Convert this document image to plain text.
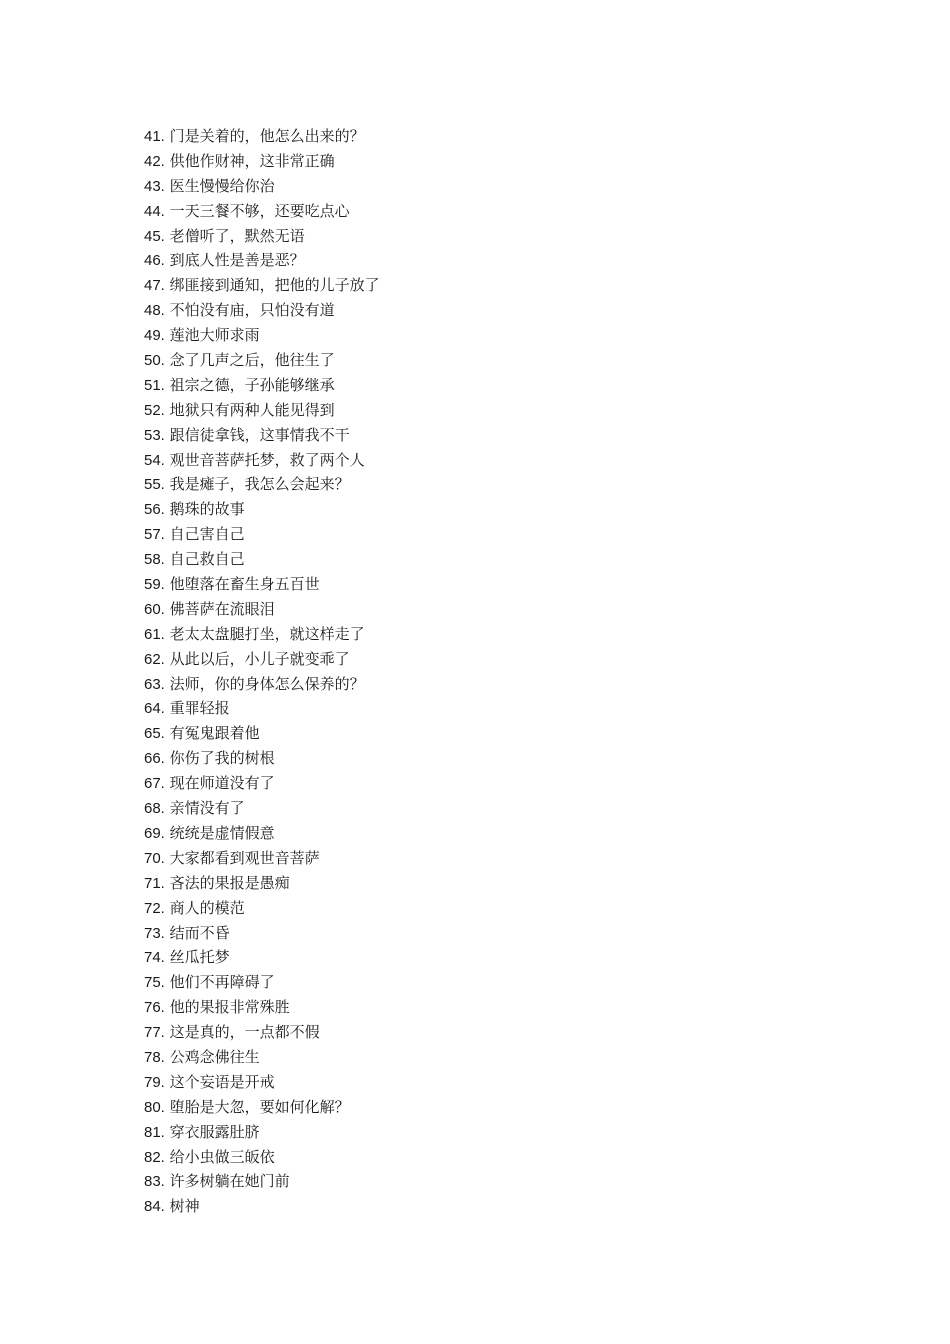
41. 门是关着的，他怎么出来的？
42. 供他作财神，这非常正确
43. 医生慢慢给你治
44. 一天三餐不够，还要吃点心
45. 老僧听了，默然无语
46. 到底人性是善是恶？
47. 绑匪接到通知，把他的儿子放了
48. 不怕没有庙，只怕没有道
49. 莲池大师求雨
50. 念了几声之后，他往生了
51. 祖宗之德，子孙能够继承
52. 地狱只有两种人能见得到
53. 跟信徒拿钱，这事情我不干
54. 观世音菩萨托梦，救了两个人
55. 我是瘫子，我怎么会起来？
56. 鹅珠的故事
57. 自己害自己
58. 自己救自己
59. 他堕落在畜生身五百世
60. 佛菩萨在流眼泪
61. 老太太盘腿打坐，就这样走了
62. 从此以后，小儿子就变乖了
63. 法师，你的身体怎么保养的？
64. 重罪轻报
65. 有冤鬼跟着他
66. 你伤了我的树根
67. 现在师道没有了
68. 亲情没有了
69. 统统是虚情假意
70. 大家都看到观世音菩萨
71. 吝法的果报是愚痴
72. 商人的模范
73. 结而不昏
74. 丝瓜托梦
75. 他们不再障碍了
76. 他的果报非常殊胜
77. 这是真的，一点都不假
78. 公鸡念佛往生
79. 这个妄语是开戒
80. 堕胎是大忽，要如何化解？
81. 穿衣服露肚脐
82. 给小虫做三皈依
83. 许多树躺在她门前
84. 树神
